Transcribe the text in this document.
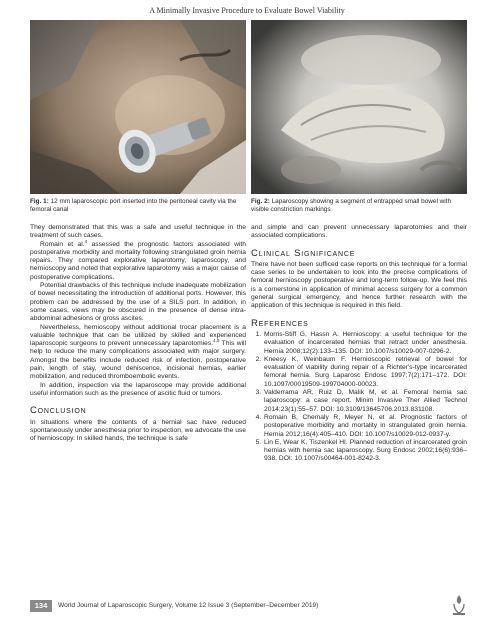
A Minimally Invasive Procedure to Evaluate Bowel Viability
Fig. 1: 12 mm laparoscopic port inserted into the peritoneal cavity via the femoral canal
Fig. 2: Laparoscopy showing a segment of entrapped small bowel with visible constriction markings

They demonstrated that this was a safe and useful technique in the treatment of such cases.

Romain et al.$^4$ assessed the prognostic factors associated with postoperative morbidity and mortality following strangulated groin hernia repairs. They compared explorative laparotomy, laparoscopy, and hernioscopy and noted that explorative laparotomy was a major cause of postoperative complications.

Potential drawbacks of this technique include inadequate mobilization of bowel necessitating the introduction of additional ports. However, this problem can be addressed by the use of a SILS port. In addition, in some cases, views may be obscured in the presence of dense intra-abdominal adhesions or gross ascites.

Nevertheless, hernioscopy without additional trocar placement is a valuable technique that can be utilized by skilled and experienced laparoscopic surgeons to prevent unnecessary laparotomies.$^{4,5}$ This will help to reduce the many complications associated with major surgery. Amongst the benefits include reduced risk of infection, postoperative pain, length of stay, wound dehiscence, incisional hernias, earlier mobilization, and reduced thromboembolic events.

In addition, inspection via the laparoscope may provide additional useful information such as the presence of ascitic fluid or tumors.

Conclusion

In situations where the contents of a hernial sac have reduced spontaneously under anesthesia prior to inspection, we advocate the use of hernioscopy. In skilled hands, the technique is safe

and simple and can prevent unnecessary laparotomies and their associated complications.

Clinical Significance

There have not been sufficed case reports on this technique for a formal case series to be undertaken to look into the precise complications of femoral hernioscopy postoperative and long-term follow-up. We feel this is a cornerstone in application of minimal access surgery for a common general surgical emergency, and hence further research with the application of this technique is required in this field.

References
1. Morris-Stiff G, Hassn A. Hernioscopy: a useful technique for the evaluation of incarcerated hernias that retract under anesthesia. Hernia 2008;12(2):133–135. DOI: 10.1007/s10029-007-0296-2.
2. Kneesy K, Weinbaum F. Hernioscopic retrieval of bowel for evaluation of viability during repair of a Richter's-type incarcerated femoral hernia. Surg Laparosc Endosc 1997;7(2):171–172. DOI: 10.1097/00019509-199704000-00023.
3. Valderrama AR, Ruiz D, Malik M, et al. Femoral hernia sac laparoscopy: a case report. Minim Invasive Ther Allied Technol 2014;23(1):55–57. DOI: 10.3109/13645706.2013.831108.
4. Romain B, Chemaly R, Meyer N, et al. Prognostic factors of postoperative morbidity and mortality in strangulated groin hernia. Hernia 2012;16(4):405–410. DOI: 10.1007/s10029-012-0937-y.
5. Lin E, Wear K, Tiszenkel HI. Planned reduction of incarcerated groin hernias with hernia sac laparoscopy. Surg Endosc 2002;16(6):936–938. DOI: 10.1007/s00464-001-8242-3.
134	World Journal of Laparoscopic Surgery, Volume 12 Issue 3 (September–December 2019)
